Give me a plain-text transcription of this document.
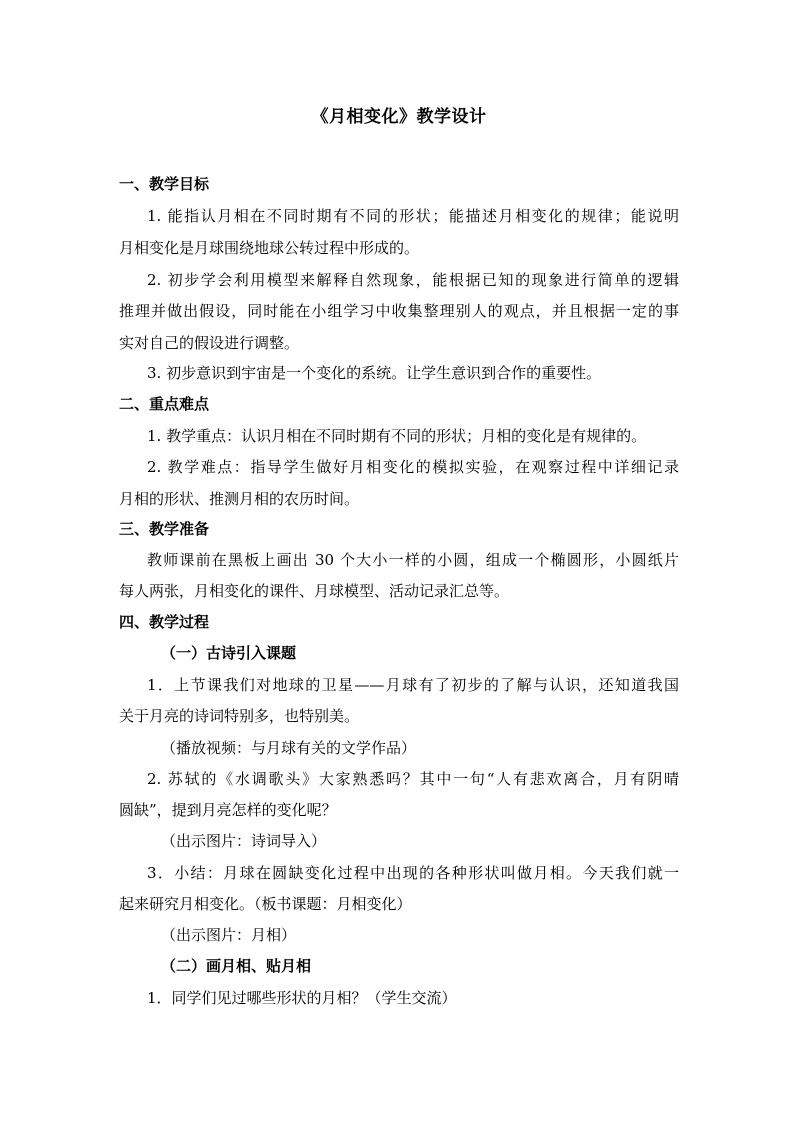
《月相变化》教学设计
一、教学目标
1. 能指认月相在不同时期有不同的形状；能描述月相变化的规律；能说明
月相变化是月球围绕地球公转过程中形成的。
2. 初步学会利用模型来解释自然现象，能根据已知的现象进行简单的逻辑
推理并做出假设，同时能在小组学习中收集整理别人的观点，并且根据一定的事
实对自己的假设进行调整。
3. 初步意识到宇宙是一个变化的系统。让学生意识到合作的重要性。
二、重点难点
1. 教学重点：认识月相在不同时期有不同的形状；月相的变化是有规律的。
2. 教学难点：指导学生做好月相变化的模拟实验，在观察过程中详细记录
月相的形状、推测月相的农历时间。
三、教学准备
教师课前在黑板上画出 30 个大小一样的小圆，组成一个椭圆形，小圆纸片
每人两张，月相变化的课件、月球模型、活动记录汇总等。
四、教学过程
（一）古诗引入课题
1．上节课我们对地球的卫星——月球有了初步的了解与认识，还知道我国
关于月亮的诗词特别多，也特别美。
（播放视频：与月球有关的文学作品）
2. 苏轼的《水调歌头》大家熟悉吗？其中一句“人有悲欢离合，月有阴晴
圆缺”，提到月亮怎样的变化呢？
（出示图片：诗词导入）
3．小结：月球在圆缺变化过程中出现的各种形状叫做月相。今天我们就一
起来研究月相变化。（板书课题：月相变化）
（出示图片：月相）
（二）画月相、贴月相
1．同学们见过哪些形状的月相？（学生交流）
